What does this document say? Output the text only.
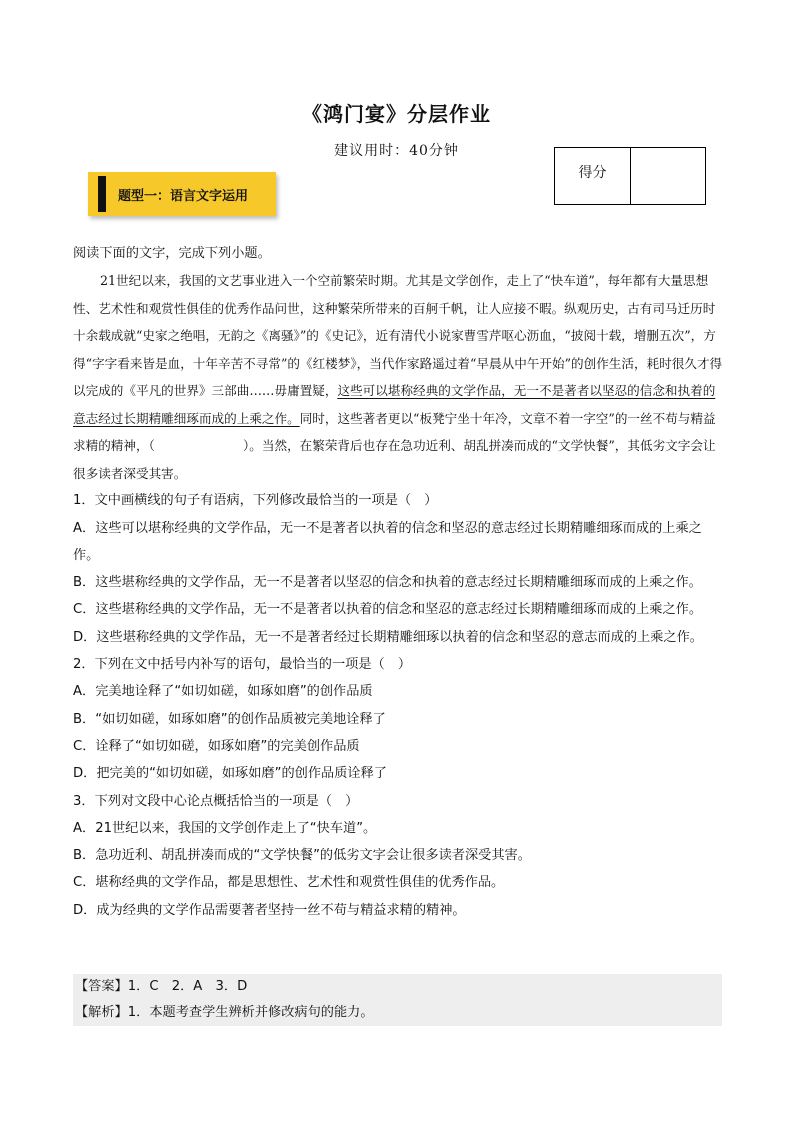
《鸿门宴》分层作业
建议用时：40分钟
得分
题型一：语言文字运用

阅读下面的文字，完成下列小题。

21世纪以来，我国的文艺事业进入一个空前繁荣时期。尤其是文学创作，走上了“快车道”，每年都有大量思想性、艺术性和观赏性俱佳的优秀作品问世，这种繁荣所带来的百舸千帆，让人应接不暇。纵观历史，古有司马迁历时十余载成就“史家之绝唱，无韵之《离骚》”的《史记》，近有清代小说家曹雪芹呕心沥血，“披阅十载，增删五次”，方得“字字看来皆是血，十年辛苦不寻常”的《红楼梦》，当代作家路遥过着“早晨从中午开始”的创作生活，耗时很久才得以完成的《平凡的世界》三部曲……毋庸置疑，这些可以堪称经典的文学作品，无一不是著者以坚忍的信念和执着的意志经过长期精雕细琢而成的上乘之作。同时，这些著者更以“板凳宁坐十年冷，文章不着一字空”的一丝不苟与精益求精的精神，（　　　　　　　）。当然，在繁荣背后也存在急功近利、胡乱拼凑而成的“文学快餐”，其低劣文字会让很多读者深受其害。

1．文中画横线的句子有语病，下列修改最恰当的一项是（　）

A．这些可以堪称经典的文学作品，无一不是著者以执着的信念和坚忍的意志经过长期精雕细琢而成的上乘之作。

B．这些堪称经典的文学作品，无一不是著者以坚忍的信念和执着的意志经过长期精雕细琢而成的上乘之作。

C．这些堪称经典的文学作品，无一不是著者以执着的信念和坚忍的意志经过长期精雕细琢而成的上乘之作。

D．这些堪称经典的文学作品，无一不是著者经过长期精雕细琢以执着的信念和坚忍的意志而成的上乘之作。

2．下列在文中括号内补写的语句，最恰当的一项是（　）

A．完美地诠释了“如切如磋，如琢如磨”的创作品质

B．“如切如磋，如琢如磨”的创作品质被完美地诠释了

C．诠释了“如切如磋，如琢如磨”的完美创作品质

D．把完美的“如切如磋，如琢如磨”的创作品质诠释了

3．下列对文段中心论点概括恰当的一项是（　）

A．21世纪以来，我国的文学创作走上了“快车道”。

B．急功近利、胡乱拼凑而成的“文学快餐”的低劣文字会让很多读者深受其害。

C．堪称经典的文学作品，都是思想性、艺术性和观赏性俱佳的优秀作品。

D．成为经典的文学作品需要著者坚持一丝不苟与精益求精的精神。

【答案】1．C　2．A　3．D

【解析】1．本题考查学生辨析并修改病句的能力。
